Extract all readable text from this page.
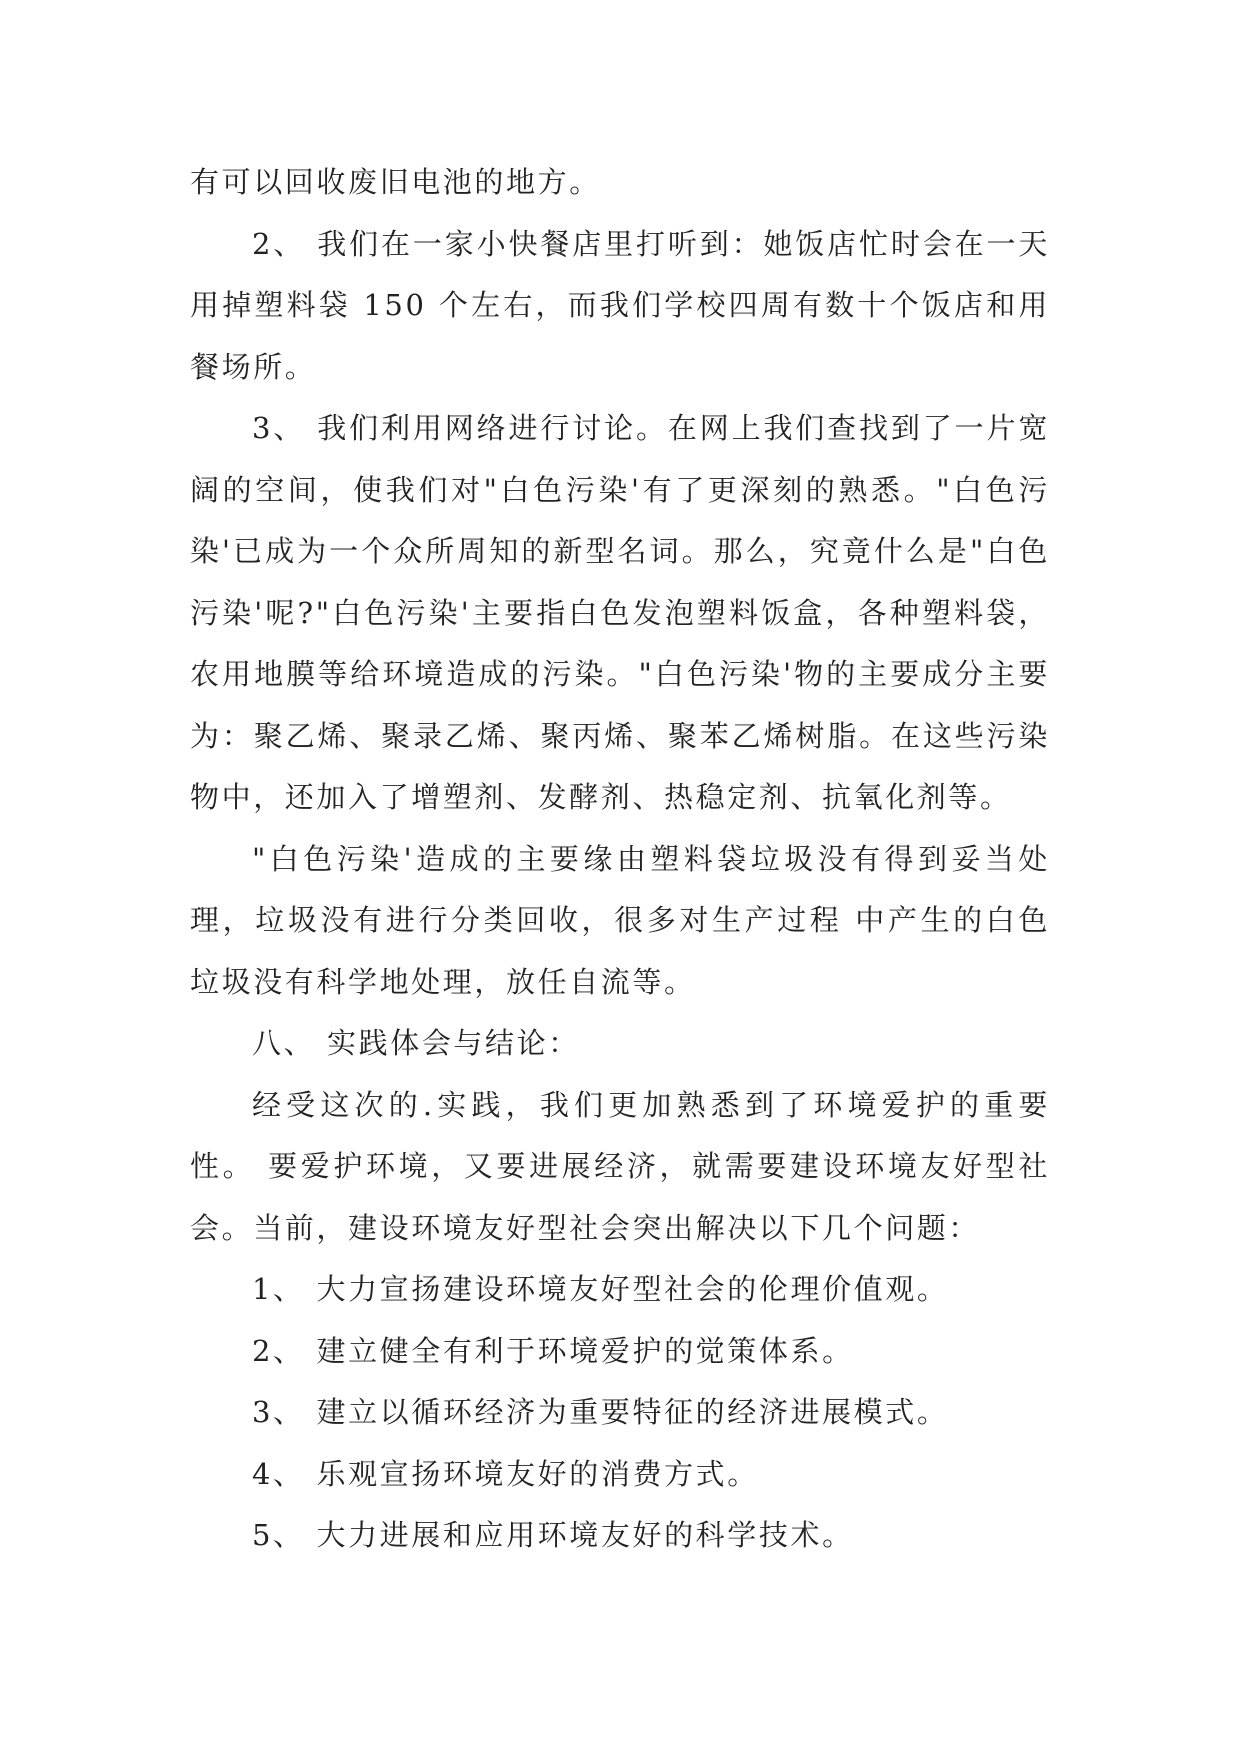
有可以回收废旧电池的地方。

2、 我们在一家小快餐店里打听到：她饭店忙时会在一天用掉塑料袋 150 个左右，而我们学校四周有数十个饭店和用餐场所。

3、 我们利用网络进行讨论。在网上我们查找到了一片宽阔的空间，使我们对"白色污染'有了更深刻的熟悉。"白色污染'已成为一个众所周知的新型名词。那么，究竟什么是"白色污染'呢?"白色污染'主要指白色发泡塑料饭盒，各种塑料袋，农用地膜等给环境造成的污染。"白色污染'物的主要成分主要为：聚乙烯、聚录乙烯、聚丙烯、聚苯乙烯树脂。在这些污染物中，还加入了增塑剂、发酵剂、热稳定剂、抗氧化剂等。

"白色污染'造成的主要缘由塑料袋垃圾没有得到妥当处理，垃圾没有进行分类回收，很多对生产过程 中产生的白色垃圾没有科学地处理，放任自流等。

八、 实践体会与结论：

经受这次的.实践，我们更加熟悉到了环境爱护的重要性。 要爱护环境，又要进展经济，就需要建设环境友好型社会。当前，建设环境友好型社会突出解决以下几个问题：

1、 大力宣扬建设环境友好型社会的伦理价值观。

2、 建立健全有利于环境爱护的觉策体系。

3、 建立以循环经济为重要特征的经济进展模式。

4、 乐观宣扬环境友好的消费方式。

5、 大力进展和应用环境友好的科学技术。
